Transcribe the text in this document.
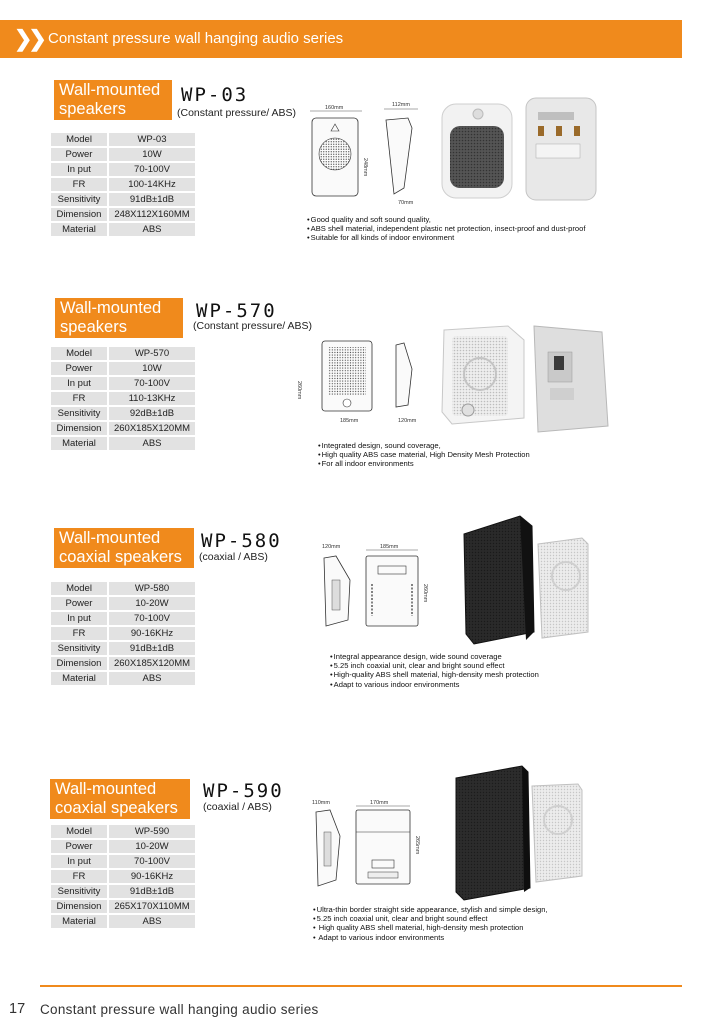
❯❯ Constant pressure wall hanging audio series
Wall-mounted
speakers
WP-03
(Constant pressure/ ABS)
Model	WP-03
Power	10W
In put	70-100V
FR	100-14KHz
Sensitivity	91dB±1dB
Dimension	248X112X160MM
Material	ABS
160mm	112mm
248mm
70mm
• Good quality and soft sound quality,
• ABS shell material, independent plastic net protection, insect-proof and dust-proof
• Suitable for all kinds of indoor environment
Wall-mounted
speakers
WP-570
(Constant pressure/ ABS)
Model	WP-570
Power	10W
In put	70-100V
FR	110-13KHz
Sensitivity	92dB±1dB
Dimension	260X185X120MM
Material	ABS
260mm
185mm	120mm
• Integrated design, sound coverage,
• High quality ABS case material, High Density Mesh Protection
• For all indoor environments
Wall-mounted
coaxial speakers
WP-580
(coaxial / ABS)
Model	WP-580
Power	10-20W
In put	70-100V
FR	90-16KHz
Sensitivity	91dB±1dB
Dimension	260X185X120MM
Material	ABS
120mm	185mm
260mm
• Integral appearance design, wide sound coverage
• 5.25 inch coaxial unit, clear and bright sound effect
• High-quality ABS shell material, high-density mesh protection
• Adapt to various indoor environments
Wall-mounted
coaxial speakers
WP-590
(coaxial / ABS)
Model	WP-590
Power	10-20W
In put	70-100V
FR	90-16KHz
Sensitivity	91dB±1dB
Dimension	265X170X110MM
Material	ABS
110mm	170mm
265mm
• Ultra-thin border straight side appearance, stylish and simple design,
• 5.25 inch coaxial unit, clear and bright sound effect
• High quality ABS shell material, high-density mesh protection
• Adapt to various indoor environments
17 Constant pressure wall hanging audio series
